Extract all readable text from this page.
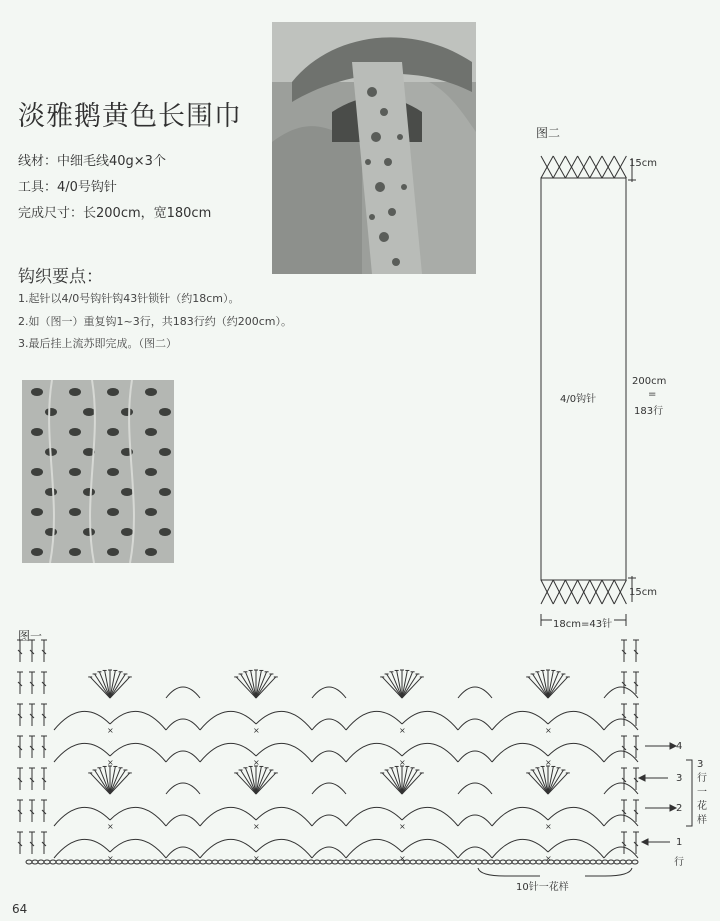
淡雅鹅黄色长围巾
线材：中细毛线40g×3个
工具：4/0号钩针
完成尺寸：长200cm，宽180cm
钩织要点：
1.起针以4/0号钩针钩43针锁针（约18cm）。
2.如（图一）重复钩1~3行，共183行约（约200cm）。
3.最后挂上流苏即完成。（图二）
图二
15cm
15cm
4/0钩针
200cm
=
183行
18cm=43针
图一
×
×
×
×
×
×
×
×
×
×
×
×
×
×
×
×
4
3
2
1
行
3行一花样
10针一花样
64
